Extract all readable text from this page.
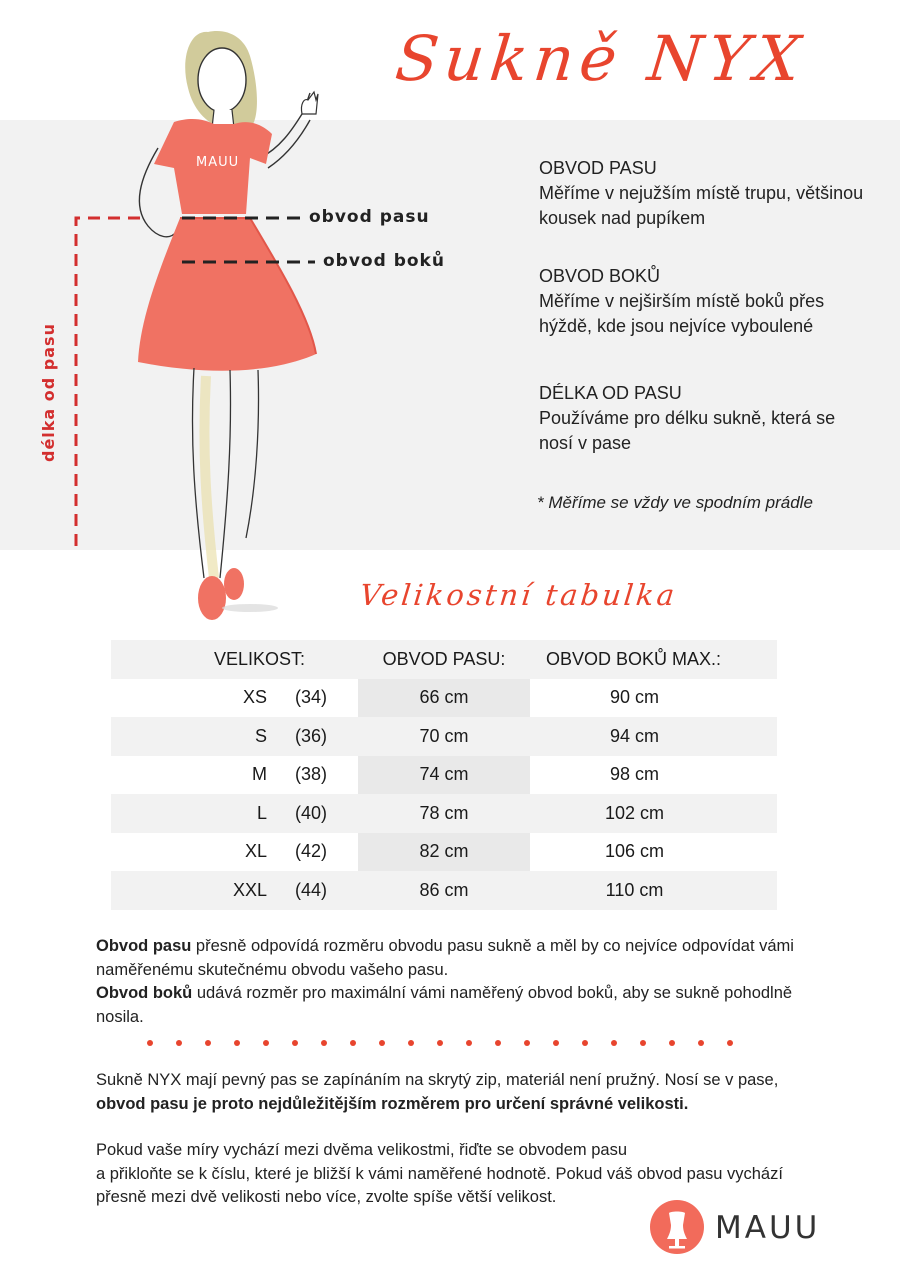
Sukně NYX
MAUU
obvod pasu
obvod boků
délka od pasu
OBVOD PASU
Měříme v nejužším místě trupu, většinou kousek nad pupíkem
OBVOD BOKŮ
Měříme v nejširším místě boků přes hýždě, kde jsou nejvíce vyboulené
DÉLKA OD PASU
Používáme pro délku sukně, která se nosí v pase
* Měříme se vždy ve spodním prádle
Velikostní tabulka
VELIKOST:	OBVOD PASU:	OBVOD BOKŮ MAX.:
XS	(34)	66 cm	90 cm
S	(36)	70 cm	94 cm
M	(38)	74 cm	98 cm
L	(40)	78 cm	102 cm
XL	(42)	82 cm	106 cm
XXL	(44)	86 cm	110 cm
Obvod pasu přesně odpovídá rozměru obvodu pasu sukně a měl by co nejvíce odpovídat vámi naměřenému skutečnému obvodu vašeho pasu.
Obvod boků udává rozměr pro maximální vámi naměřený obvod boků, aby se sukně pohodlně nosila.
Sukně NYX mají pevný pas se zapínáním na skrytý zip, materiál není pružný. Nosí se v pase,
obvod pasu je proto nejdůležitějším rozměrem pro určení správné velikosti.
Pokud vaše míry vychází mezi dvěma velikostmi, řiďte se obvodem pasu
a přikloňte se k číslu, které je bližší k vámi naměřené hodnotě. Pokud váš obvod pasu vychází přesně mezi dvě velikosti nebo více, zvolte spíše větší velikost.
MAUU
